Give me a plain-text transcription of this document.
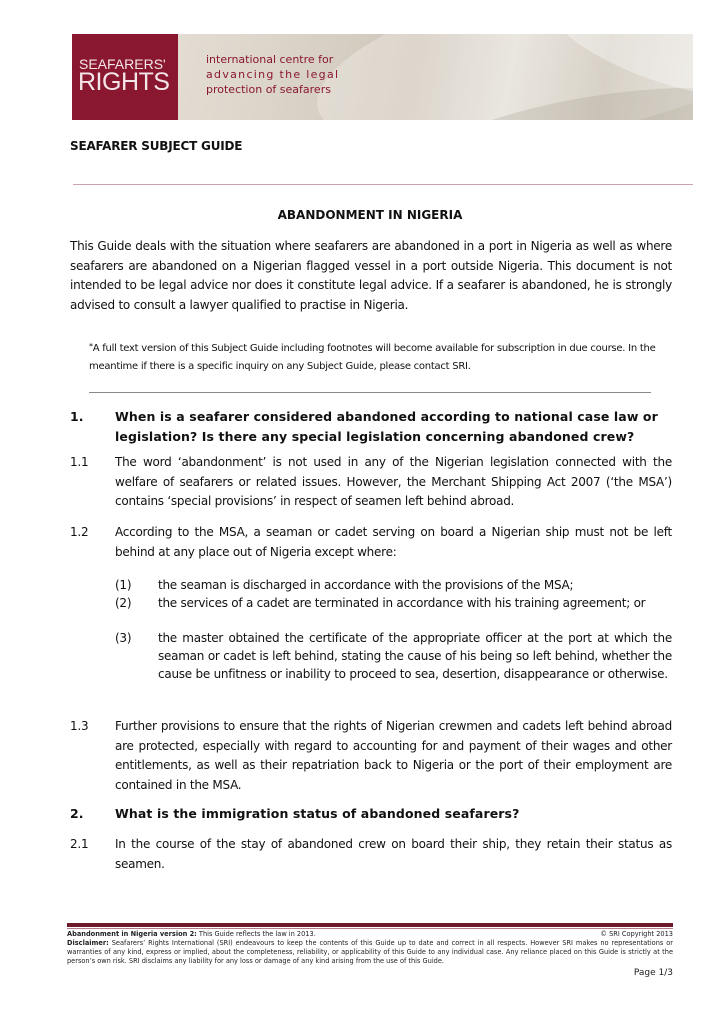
SEAFARERS'
RIGHTS
international centre for
advancing the legal
protection of seafarers
SEAFARER SUBJECT GUIDE
ABANDONMENT IN NIGERIA
This Guide deals with the situation where seafarers are abandoned in a port in Nigeria as well as where seafarers are abandoned on a Nigerian flagged vessel in a port outside Nigeria. This document is not intended to be legal advice nor does it constitute legal advice. If a seafarer is abandoned, he is strongly advised to consult a lawyer qualified to practise in Nigeria.
*A full text version of this Subject Guide including footnotes will become available for subscription in due course. In the meantime if there is a specific inquiry on any Subject Guide, please contact SRI.
1.	When is a seafarer considered abandoned according to national case law or legislation? Is there any special legislation concerning abandoned crew?
1.1 The word ‘abandonment’ is not used in any of the Nigerian legislation connected with the welfare of seafarers or related issues. However, the Merchant Shipping Act 2007 (‘the MSA’) contains ‘special provisions’ in respect of seamen left behind abroad.
1.2 According to the MSA, a seaman or cadet serving on board a Nigerian ship must not be left behind at any place out of Nigeria except where:
(1) the seaman is discharged in accordance with the provisions of the MSA;
(2) the services of a cadet are terminated in accordance with his training agreement; or
(3) the master obtained the certificate of the appropriate officer at the port at which the seaman or cadet is left behind, stating the cause of his being so left behind, whether the cause be unfitness or inability to proceed to sea, desertion, disappearance or otherwise.
1.3 Further provisions to ensure that the rights of Nigerian crewmen and cadets left behind abroad are protected, especially with regard to accounting for and payment of their wages and other entitlements, as well as their repatriation back to Nigeria or the port of their employment are contained in the MSA.
2.	What is the immigration status of abandoned seafarers?
2.1 In the course of the stay of abandoned crew on board their ship, they retain their status as seamen.
Abandonment in Nigeria version 2: This Guide reflects the law in 2013.	© SRI Copyright 2013
Disclaimer: Seafarers’ Rights International (SRI) endeavours to keep the contents of this Guide up to date and correct in all respects. However SRI makes no representations or warranties of any kind, express or implied, about the completeness, reliability, or applicability of this Guide to any individual case. Any reliance placed on this Guide is strictly at the person’s own risk. SRI disclaims any liability for any loss or damage of any kind arising from the use of this Guide.
Page 1/3
